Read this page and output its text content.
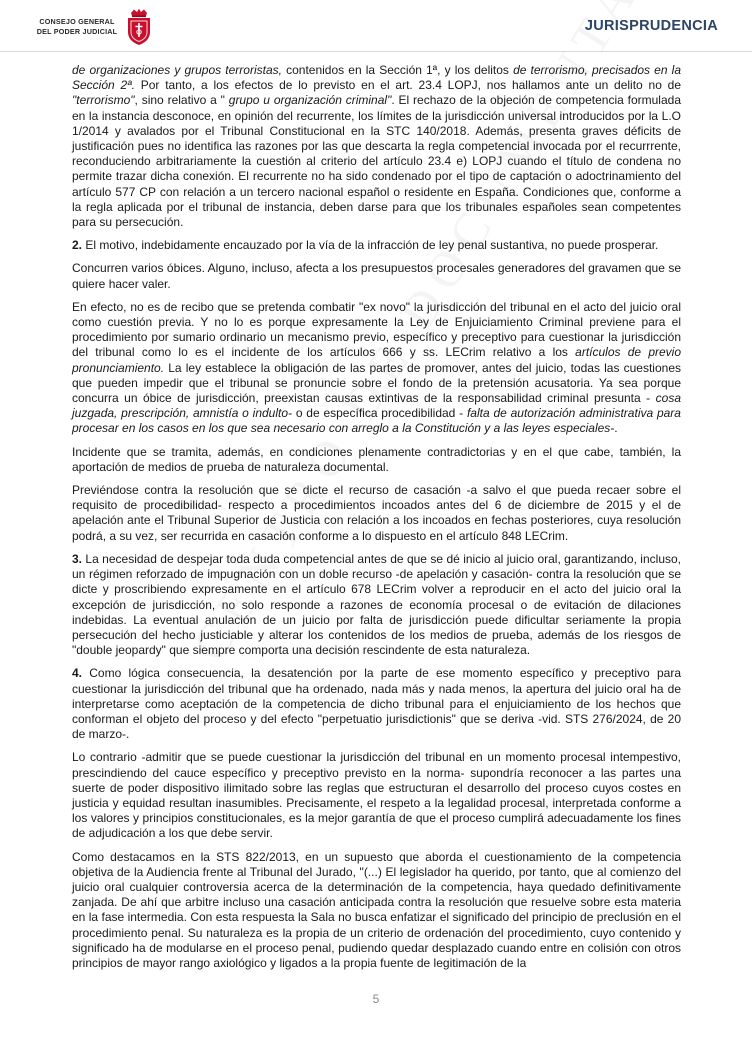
CONSEJO GENERAL
DEL PODER JUDICIAL	JURISPRUDENCIA

de organizaciones y grupos terroristas, contenidos en la Sección 1ª, y los delitos de terrorismo, precisados en la Sección 2ª. Por tanto, a los efectos de lo previsto en el art. 23.4 LOPJ, nos hallamos ante un delito no de "terrorismo", sino relativo a " grupo u organización criminal". El rechazo de la objeción de competencia formulada en la instancia desconoce, en opinión del recurrente, los límites de la jurisdicción universal introducidos por la L.O 1/2014 y avalados por el Tribunal Constitucional en la STC 140/2018. Además, presenta graves déficits de justificación pues no identifica las razones por las que descarta la regla competencial invocada por el recurrrente, reconduciendo arbitrariamente la cuestión al criterio del artículo 23.4 e) LOPJ cuando el título de condena no permite trazar dicha conexión. El recurrente no ha sido condenado por el tipo de captación o adoctrinamiento del artículo 577 CP con relación a un tercero nacional español o residente en España. Condiciones que, conforme a la regla aplicada por el tribunal de instancia, deben darse para que los tribunales españoles sean competentes para su persecución.

2. El motivo, indebidamente encauzado por la vía de la infracción de ley penal sustantiva, no puede prosperar.

Concurren varios óbices. Alguno, incluso, afecta a los presupuestos procesales generadores del gravamen que se quiere hacer valer.

En efecto, no es de recibo que se pretenda combatir "ex novo" la jurisdicción del tribunal en el acto del juicio oral como cuestión previa. Y no lo es porque expresamente la Ley de Enjuiciamiento Criminal previene para el procedimiento por sumario ordinario un mecanismo previo, específico y preceptivo para cuestionar la jurisdicción del tribunal como lo es el incidente de los artículos 666 y ss. LECrim relativo a los artículos de previo pronunciamiento. La ley establece la obligación de las partes de promover, antes del juicio, todas las cuestiones que pueden impedir que el tribunal se pronuncie sobre el fondo de la pretensión acusatoria. Ya sea porque concurra un óbice de jurisdicción, preexistan causas extintivas de la responsabilidad criminal presunta - cosa juzgada, prescripción, amnistía o indulto- o de específica procedibilidad - falta de autorización administrativa para procesar en los casos en los que sea necesario con arreglo a la Constitución y a las leyes especiales-.

Incidente que se tramita, además, en condiciones plenamente contradictorias y en el que cabe, también, la aportación de medios de prueba de naturaleza documental.

Previéndose contra la resolución que se dicte el recurso de casación -a salvo el que pueda recaer sobre el requisito de procedibilidad- respecto a procedimientos incoados antes del 6 de diciembre de 2015 y el de apelación ante el Tribunal Superior de Justicia con relación a los incoados en fechas posteriores, cuya resolución podrá, a su vez, ser recurrida en casación conforme a lo dispuesto en el artículo 848 LECrim.

3. La necesidad de despejar toda duda competencial antes de que se dé inicio al juicio oral, garantizando, incluso, un régimen reforzado de impugnación con un doble recurso -de apelación y casación- contra la resolución que se dicte y proscribiendo expresamente en el artículo 678 LECrim volver a reproducir en el acto del juicio oral la excepción de jurisdicción, no solo responde a razones de economía procesal o de evitación de dilaciones indebidas. La eventual anulación de un juicio por falta de jurisdicción puede dificultar seriamente la propia persecución del hecho justiciable y alterar los contenidos de los medios de prueba, además de los riesgos de "double jeopardy" que siempre comporta una decisión rescindente de esta naturaleza.

4. Como lógica consecuencia, la desatención por la parte de ese momento específico y preceptivo para cuestionar la jurisdicción del tribunal que ha ordenado, nada más y nada menos, la apertura del juicio oral ha de interpretarse como aceptación de la competencia de dicho tribunal para el enjuiciamiento de los hechos que conforman el objeto del proceso y del efecto "perpetuatio jurisdictionis" que se deriva -vid. STS 276/2024, de 20 de marzo-.

Lo contrario -admitir que se puede cuestionar la jurisdicción del tribunal en un momento procesal intempestivo, prescindiendo del cauce específico y preceptivo previsto en la norma- supondría reconocer a las partes una suerte de poder dispositivo ilimitado sobre las reglas que estructuran el desarrollo del proceso cuyos costes en justicia y equidad resultan inasumibles. Precisamente, el respeto a la legalidad procesal, interpretada conforme a los valores y principios constitucionales, es la mejor garantía de que el proceso cumplirá adecuadamente los fines de adjudicación a los que debe servir.

Como destacamos en la STS 822/2013, en un supuesto que aborda el cuestionamiento de la competencia objetiva de la Audiencia frente al Tribunal del Jurado, "(...) El legislador ha querido, por tanto, que al comienzo del juicio oral cualquier controversia acerca de la determinación de la competencia, haya quedado definitivamente zanjada. De ahí que arbitre incluso una casación anticipada contra la resolución que resuelve sobre esta materia en la fase intermedia. Con esta respuesta la Sala no busca enfatizar el significado del principio de preclusión en el procedimiento penal. Su naturaleza es la propia de un criterio de ordenación del procedimiento, cuyo contenido y significado ha de modularse en el proceso penal, pudiendo quedar desplazado cuando entre en colisión con otros principios de mayor rango axiológico y ligados a la propia fuente de legitimación de la

5
